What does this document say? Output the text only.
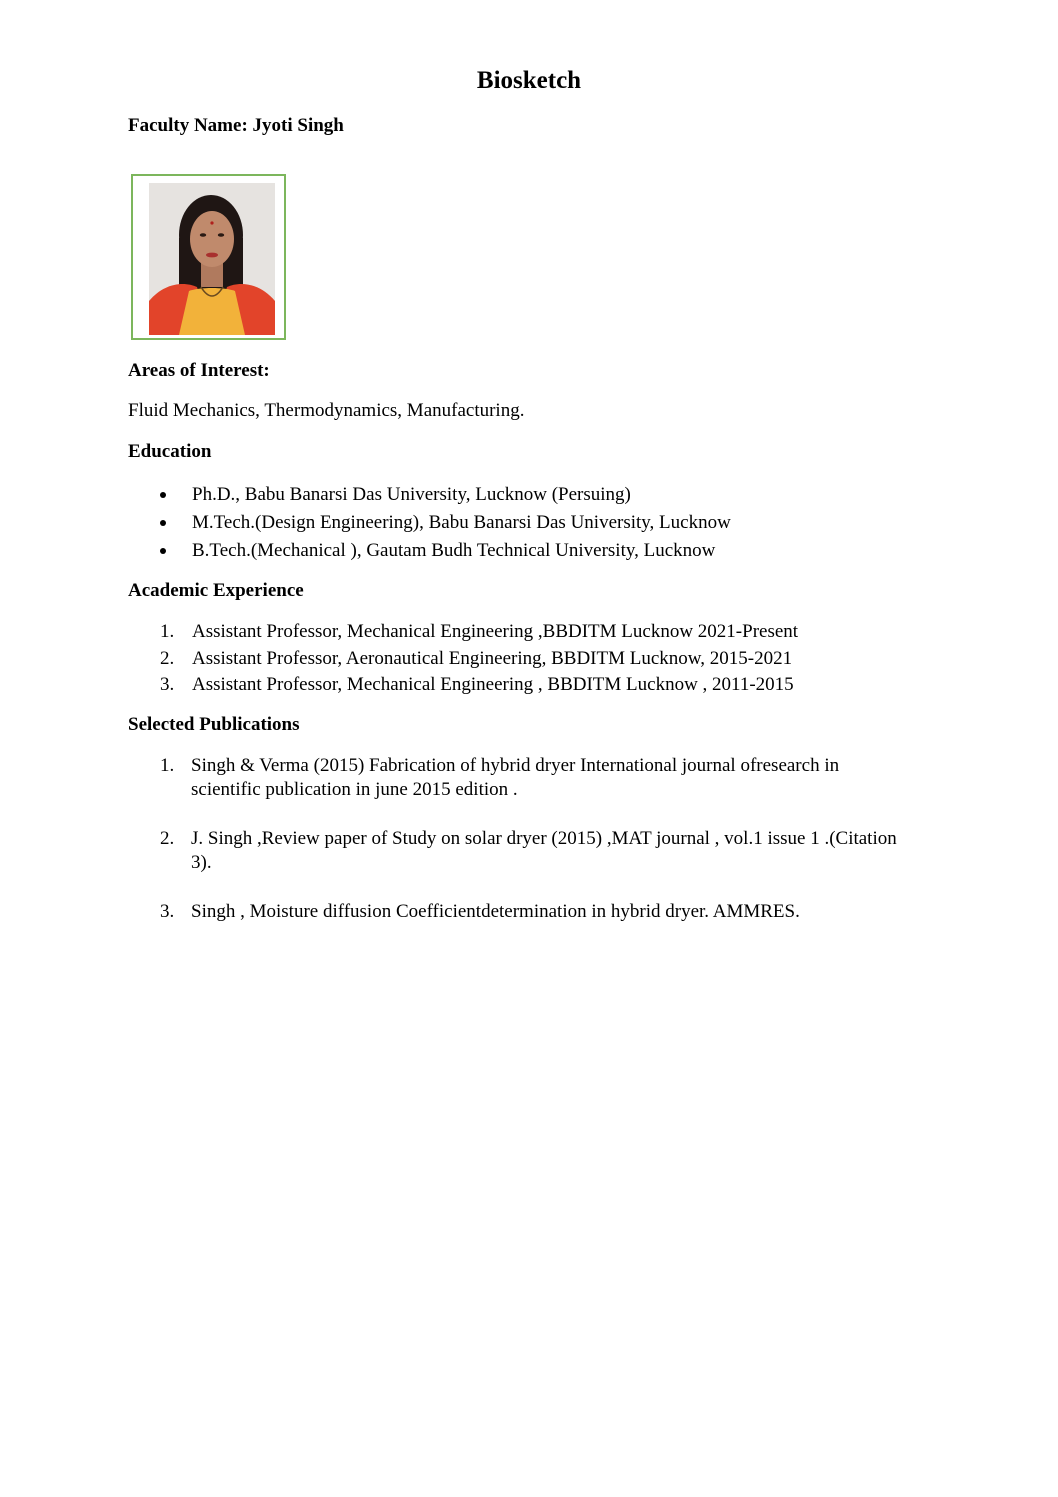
Biosketch
Faculty Name: Jyoti Singh
Areas of Interest:
Fluid Mechanics, Thermodynamics, Manufacturing.
Education
Ph.D., Babu Banarsi Das University, Lucknow (Persuing)
M.Tech.(Design Engineering), Babu Banarsi Das University, Lucknow
B.Tech.(Mechanical ), Gautam Budh Technical University, Lucknow
Academic Experience
1. Assistant Professor, Mechanical Engineering ,BBDITM Lucknow 2021-Present
2. Assistant Professor, Aeronautical Engineering, BBDITM Lucknow, 2015-2021
3. Assistant Professor, Mechanical Engineering , BBDITM Lucknow , 2011-2015
Selected Publications
1. Singh & Verma (2015) Fabrication of hybrid dryer International journal ofresearch in scientific publication in june 2015 edition .
2. J. Singh ,Review paper of Study on solar dryer (2015) ,MAT journal , vol.1 issue 1 .(Citation 3).
3. Singh , Moisture diffusion Coefficientdetermination in hybrid dryer. AMMRES.
